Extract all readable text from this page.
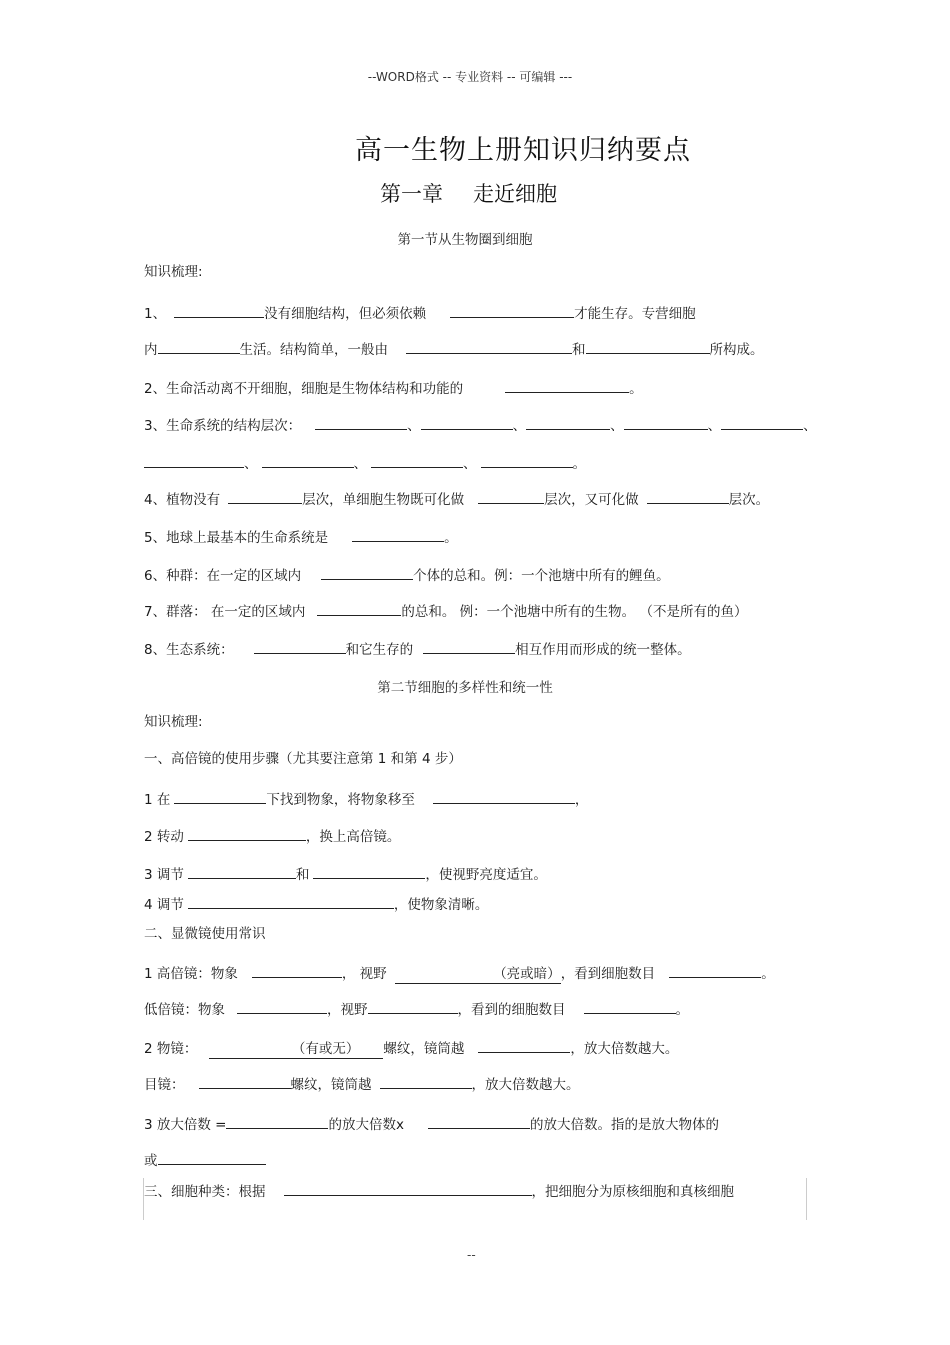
--WORD格式 -- 专业资料 -- 可编辑 ---
高一生物上册知识归纳要点
第一章 走近细胞
第一节从生物圈到细胞
知识梳理:
1、	没有细胞结构，但必须依赖	才能生存。专营细胞
内	生活。结构简单，一般由	和	所构成。
2、生命活动离不开细胞，细胞是生物体结构和功能的	。
3、生命系统的结构层次：	、	、	、	、	、
、	、	、	。
4、植物没有	层次，单细胞生物既可化做	层次，又可化做	层次。
5、地球上最基本的生命系统是	。
6、种群：在一定的区域内	个体的总和。例：一个池塘中所有的鲤鱼。
7、群落： 在一定的区域内	的总和。 例：一个池塘中所有的生物。 （不是所有的鱼）
8、生态系统：	和它生存的	相互作用而形成的统一整体。
第二节细胞的多样性和统一性
知识梳理:
一、高倍镜的使用步骤（尤其要注意第 1 和第 4 步）
1 在	下找到物象，将物象移至	，
2 转动	，换上高倍镜。
3 调节	和	，使视野亮度适宜。
4 调节	，使物象清晰。
二、显微镜使用常识
1 高倍镜：物象	， 视野	（亮或暗），看到细胞数目	。
低倍镜：物象	，视野	，看到的细胞数目	。
2 物镜：	（有或无） 螺纹，镜筒越	，放大倍数越大。
目镜：	螺纹，镜筒越	，放大倍数越大。
3 放大倍数 =	的放大倍数x	的放大倍数。指的是放大物体的
或
三、细胞种类：根据	，把细胞分为原核细胞和真核细胞
--
